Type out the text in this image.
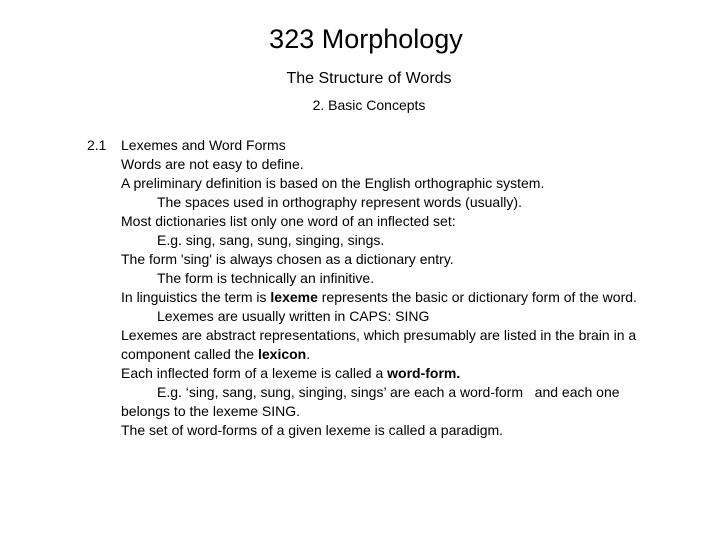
323 Morphology
The Structure of Words
2. Basic Concepts
2.1 Lexemes and Word Forms
Words are not easy to define.
A preliminary definition is based on the English orthographic system.
The spaces used in orthography represent words (usually).
Most dictionaries list only one word of an inflected set:
E.g. sing, sang, sung, singing, sings.
The form 'sing' is always chosen as a dictionary entry.
The form is technically an infinitive.
In linguistics the term is lexeme represents the basic or dictionary form of the word.
Lexemes are usually written in CAPS: SING
Lexemes are abstract representations, which presumably are listed in the brain in a component called the lexicon.
Each inflected form of a lexeme is called a word-form.
E.g. ‘sing, sang, sung, singing, sings’ are each a word-form   and each one  belongs to the lexeme SING.
The set of word-forms of a given lexeme is called a paradigm.
